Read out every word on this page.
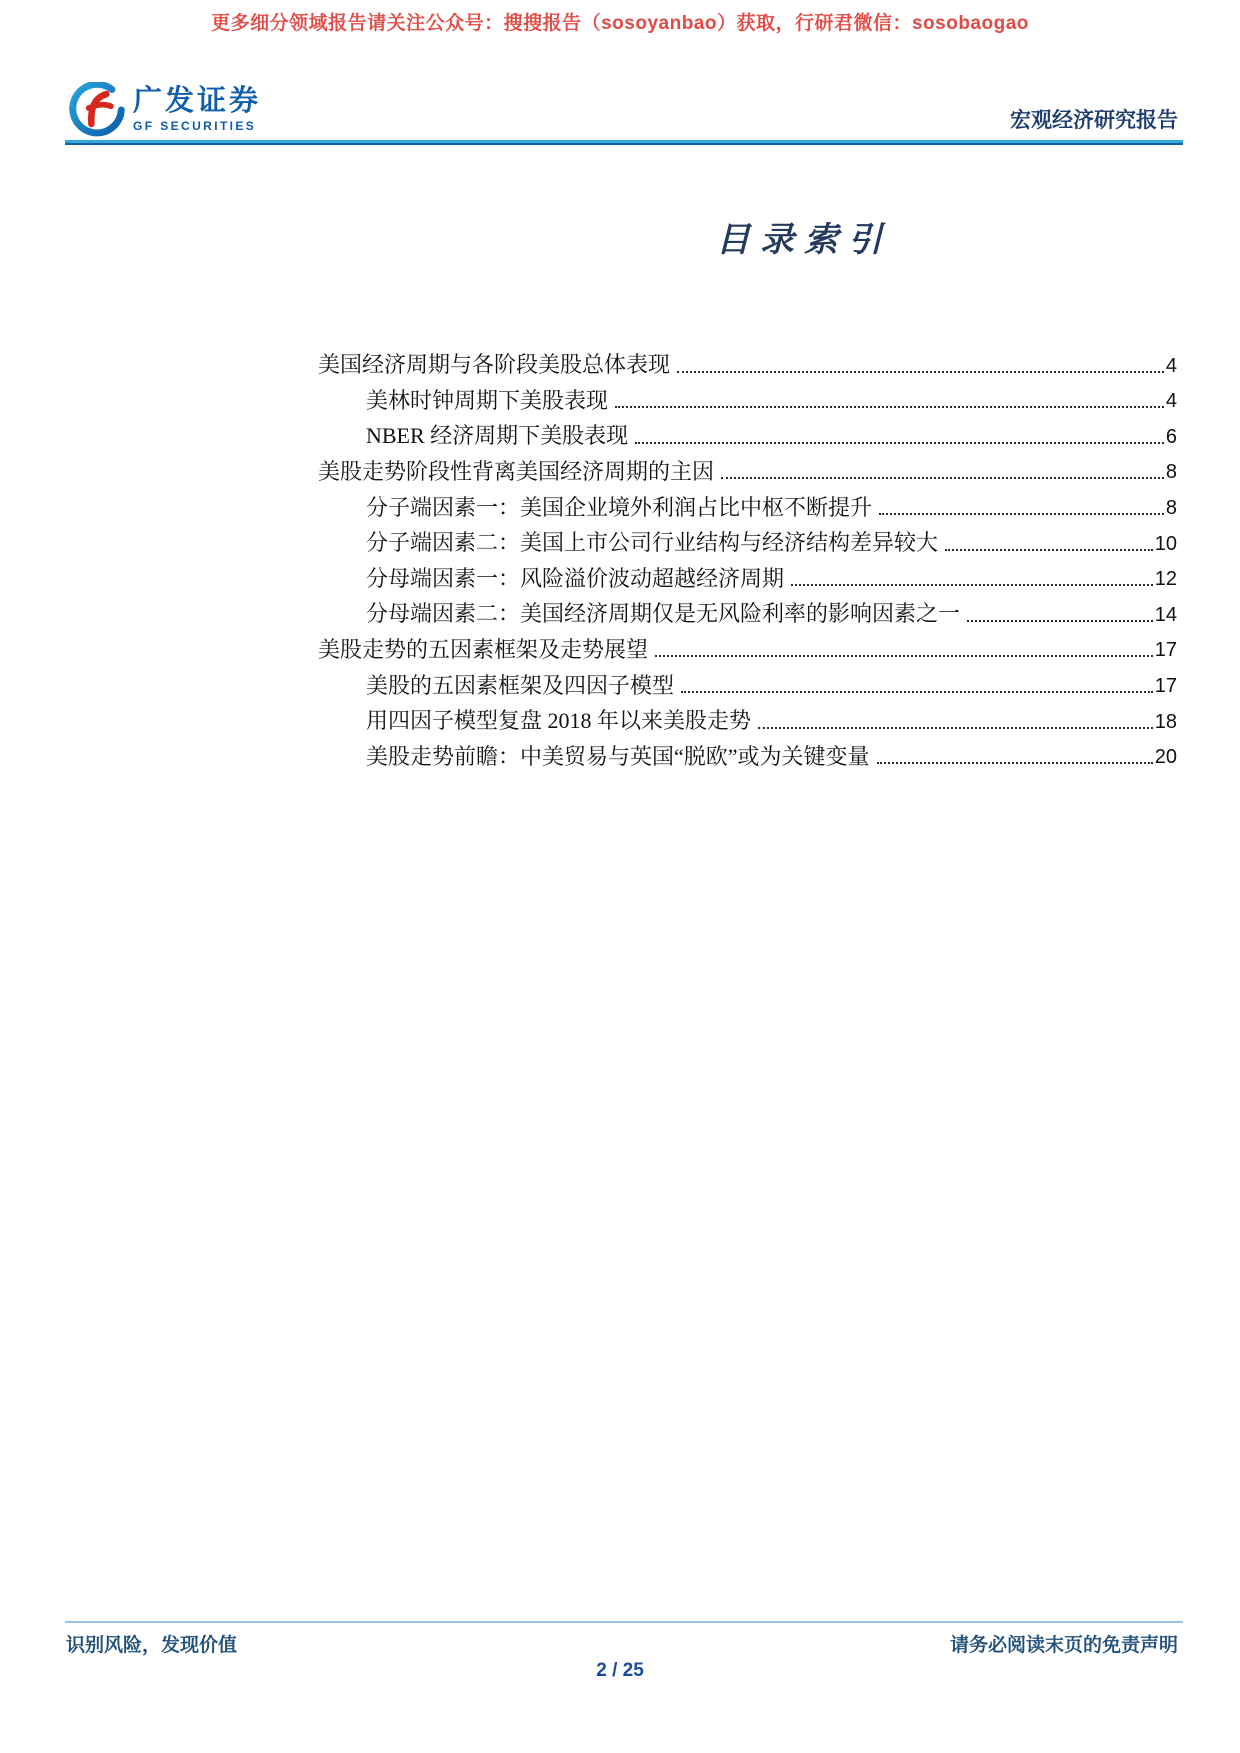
更多细分领域报告请关注公众号：搜搜报告（sosoyanbao）获取，行研君微信：sosobaogao
广发证券
GF SECURITIES	宏观经济研究报告
目录索引
美国经济周期与各阶段美股总体表现	4
美林时钟周期下美股表现	4
NBER 经济周期下美股表现	6
美股走势阶段性背离美国经济周期的主因	8
分子端因素一：美国企业境外利润占比中枢不断提升	8
分子端因素二：美国上市公司行业结构与经济结构差异较大	10
分母端因素一：风险溢价波动超越经济周期	12
分母端因素二：美国经济周期仅是无风险利率的影响因素之一	14
美股走势的五因素框架及走势展望	17
美股的五因素框架及四因子模型	17
用四因子模型复盘 2018 年以来美股走势	18
美股走势前瞻：中美贸易与英国“脱欧”或为关键变量	20
识别风险，发现价值	请务必阅读末页的免责声明
2 / 25
